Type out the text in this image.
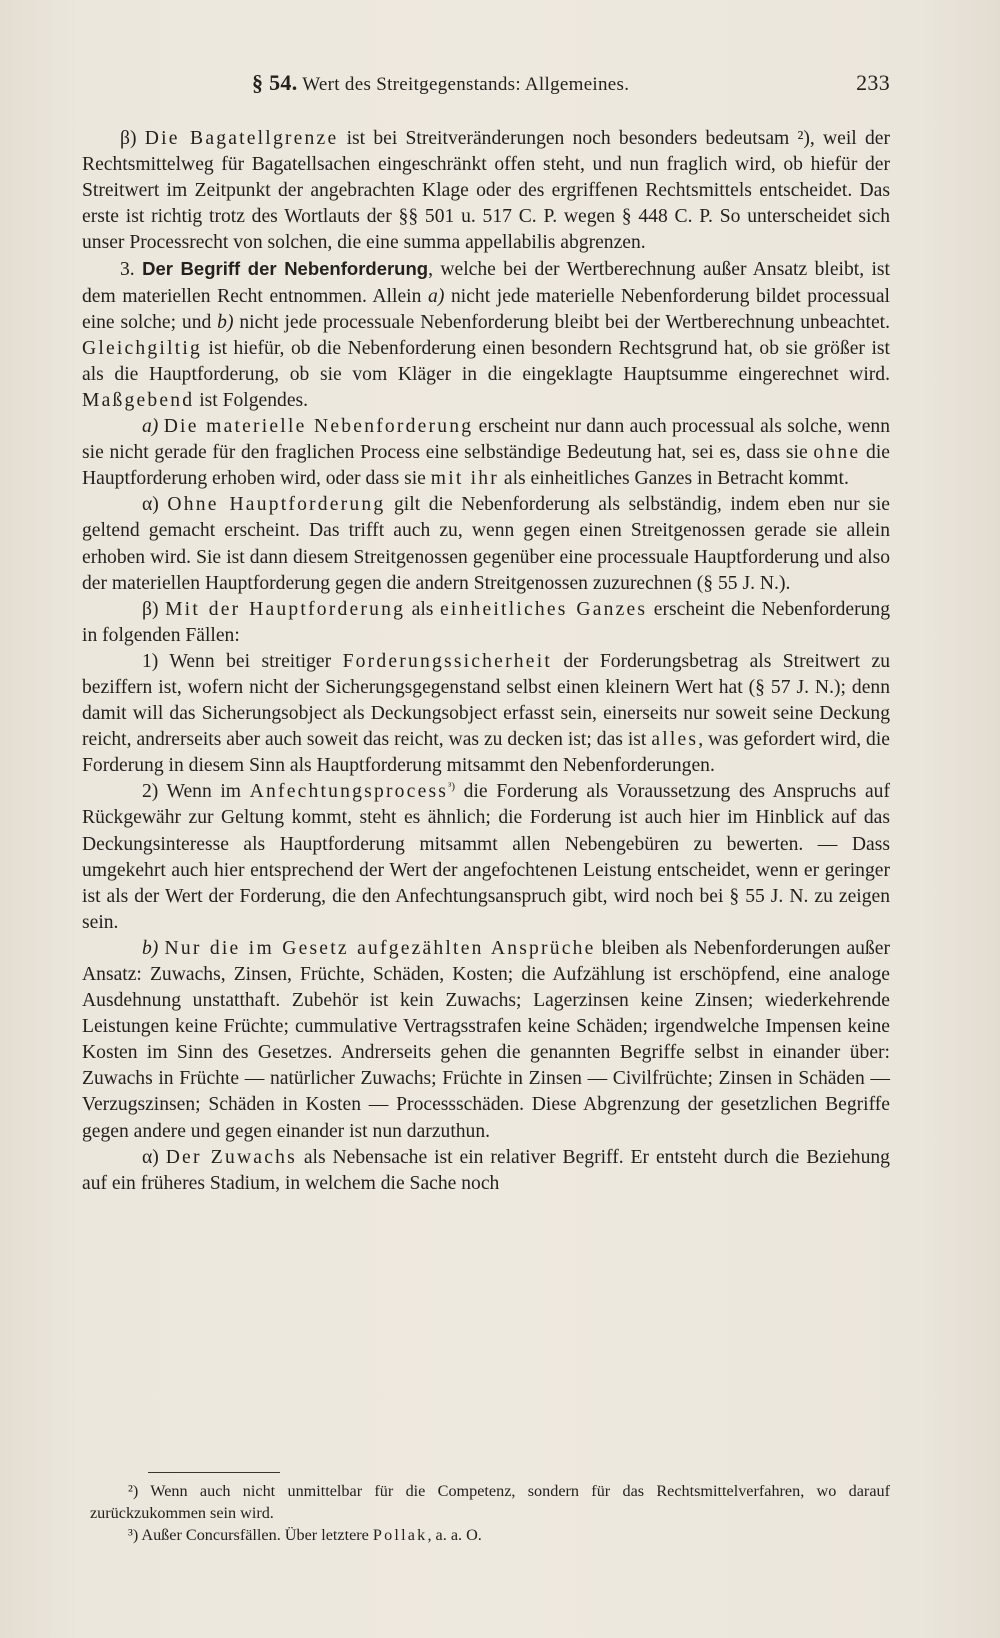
§ 54. Wert des Streitgegenstands: Allgemeines.	233

β) Die Bagatellgrenze ist bei Streitveränderungen noch besonders bedeutsam ²), weil der Rechtsmittelweg für Bagatellsachen eingeschränkt offen steht, und nun fraglich wird, ob hiefür der Streitwert im Zeitpunkt der angebrachten Klage oder des ergriffenen Rechtsmittels entscheidet. Das erste ist richtig trotz des Wortlauts der §§ 501 u. 517 C. P. wegen § 448 C. P. So unterscheidet sich unser Processrecht von solchen, die eine summa appellabilis abgrenzen.

3. Der Begriff der Nebenforderung, welche bei der Wertberechnung außer Ansatz bleibt, ist dem materiellen Recht entnommen. Allein a) nicht jede materielle Nebenforderung bildet processual eine solche; und b) nicht jede processuale Nebenforderung bleibt bei der Wertberechnung unbeachtet. Gleichgiltig ist hiefür, ob die Nebenforderung einen besondern Rechtsgrund hat, ob sie größer ist als die Hauptforderung, ob sie vom Kläger in die eingeklagte Hauptsumme eingerechnet wird. Maßgebend ist Folgendes.

a) Die materielle Nebenforderung erscheint nur dann auch processual als solche, wenn sie nicht gerade für den fraglichen Process eine selbständige Bedeutung hat, sei es, dass sie ohne die Hauptforderung erhoben wird, oder dass sie mit ihr als einheitliches Ganzes in Betracht kommt.

α) Ohne Hauptforderung gilt die Nebenforderung als selbständig, indem eben nur sie geltend gemacht erscheint. Das trifft auch zu, wenn gegen einen Streitgenossen gerade sie allein erhoben wird. Sie ist dann diesem Streitgenossen gegenüber eine processuale Hauptforderung und also der materiellen Hauptforderung gegen die andern Streitgenossen zuzurechnen (§ 55 J. N.).

β) Mit der Hauptforderung als einheitliches Ganzes erscheint die Nebenforderung in folgenden Fällen:

1) Wenn bei streitiger Forderungssicherheit der Forderungsbetrag als Streitwert zu beziffern ist, wofern nicht der Sicherungsgegenstand selbst einen kleinern Wert hat (§ 57 J. N.); denn damit will das Sicherungsobject als Deckungsobject erfasst sein, einerseits nur soweit seine Deckung reicht, andrerseits aber auch soweit das reicht, was zu decken ist; das ist alles, was gefordert wird, die Forderung in diesem Sinn als Hauptforderung mitsammt den Nebenforderungen.

2) Wenn im Anfechtungsprocess$^{^3)}$ die Forderung als Voraussetzung des Anspruchs auf Rückgewähr zur Geltung kommt, steht es ähnlich; die Forderung ist auch hier im Hinblick auf das Deckungsinteresse als Hauptforderung mitsammt allen Nebengebüren zu bewerten. — Dass umgekehrt auch hier entsprechend der Wert der angefochtenen Leistung entscheidet, wenn er geringer ist als der Wert der Forderung, die den Anfechtungsanspruch gibt, wird noch bei § 55 J. N. zu zeigen sein.

b) Nur die im Gesetz aufgezählten Ansprüche bleiben als Nebenforderungen außer Ansatz: Zuwachs, Zinsen, Früchte, Schäden, Kosten; die Aufzählung ist erschöpfend, eine analoge Ausdehnung unstatthaft. Zubehör ist kein Zuwachs; Lagerzinsen keine Zinsen; wiederkehrende Leistungen keine Früchte; cummulative Vertragsstrafen keine Schäden; irgendwelche Impensen keine Kosten im Sinn des Gesetzes. Andrerseits gehen die genannten Begriffe selbst in einander über: Zuwachs in Früchte — natürlicher Zuwachs; Früchte in Zinsen — Civilfrüchte; Zinsen in Schäden — Verzugszinsen; Schäden in Kosten — Processschäden. Diese Abgrenzung der gesetzlichen Begriffe gegen andere und gegen einander ist nun darzuthun.

α) Der Zuwachs als Nebensache ist ein relativer Begriff. Er entsteht durch die Beziehung auf ein früheres Stadium, in welchem die Sache noch

²) Wenn auch nicht unmittelbar für die Competenz, sondern für das Rechtsmittelverfahren, wo darauf zurückzukommen sein wird.

³) Außer Concursfällen. Über letztere Pollak, a. a. O.
